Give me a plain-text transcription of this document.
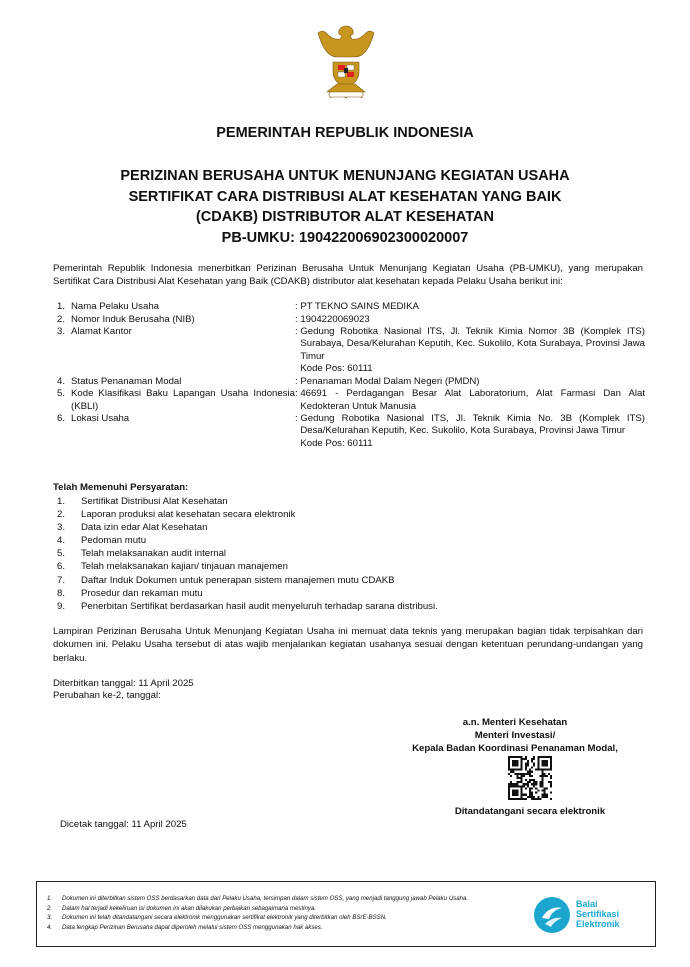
PEMERINTAH REPUBLIK INDONESIA
PERIZINAN BERUSAHA UNTUK MENUNJANG KEGIATAN USAHA
SERTIFIKAT CARA DISTRIBUSI ALAT KESEHATAN YANG BAIK
(CDAKB) DISTRIBUTOR ALAT KESEHATAN
PB-UMKU: 190422006902300020007
Pemerintah Republik Indonesia menerbitkan Perizinan Berusaha Untuk Menunjang Kegiatan Usaha (PB-UMKU), yang merupakan Sertifikat Cara Distribusi Alat Kesehatan yang Baik (CDAKB) distributor alat kesehatan kepada Pelaku Usaha berikut ini:
1. Nama Pelaku Usaha	: PT TEKNO SAINS MEDIKA
2. Nomor Induk Berusaha (NIB)	: 1904220069023
3. Alamat Kantor	: Gedung Robotika Nasional ITS, Jl. Teknik Kimia Nomor 3B (Komplek ITS) Surabaya, Desa/Kelurahan Keputih, Kec. Sukolilo, Kota Surabaya, Provinsi Jawa Timur
Kode Pos: 60111
4. Status Penanaman Modal	: Penanaman Modal Dalam Negeri (PMDN)
5. Kode Klasifikasi Baku Lapangan Usaha Indonesia (KBLI)
: 46691 - Perdagangan Besar Alat Laboratorium, Alat Farmasi Dan Alat Kedokteran Untuk Manusia
6. Lokasi Usaha	: Gedung Robotika Nasional ITS, Jl. Teknik Kimia No. 3B (Komplek ITS) Desa/Kelurahan Keputih, Kec. Sukolilo, Kota Surabaya, Provinsi Jawa Timur
Kode Pos: 60111
Telah Memenuhi Persyaratan:
1.	Sertifikat Distribusi Alat Kesehatan
2.	Laporan produksi alat kesehatan secara elektronik
3.	Data izin edar Alat Kesehatan
4.	Pedoman mutu
5.	Telah melaksanakan audit internal
6.	Telah melaksanakan kajian/ tinjauan manajemen
7.	Daftar Induk Dokumen untuk penerapan sistem manajemen mutu CDAKB
8.	Prosedur dan rekaman mutu
9.	Penerbitan Sertifikat berdasarkan hasil audit menyeluruh terhadap sarana distribusi.
Lampiran Perizinan Berusaha Untuk Menunjang Kegiatan Usaha ini memuat data teknis yang merupakan bagian tidak terpisahkan dari dokumen ini. Pelaku Usaha tersebut di atas wajib menjalankan kegiatan usahanya sesuai dengan ketentuan perundang-undangan yang berlaku.
Diterbitkan tanggal: 11 April 2025
Perubahan ke-2, tanggal:
a.n. Menteri Kesehatan
Menteri Investasi/
Kepala Badan Koordinasi Penanaman Modal,
Ditandatangani secara elektronik
Dicetak tanggal: 11 April 2025
1.	Dokumen ini diterbitkan sistem OSS berdasarkan data dari Pelaku Usaha, tersimpan dalam sistem OSS, yang menjadi tanggung jawab Pelaku Usaha.
2.	Dalam hal terjadi kekeliruan isi dokumen ini akan dilakukan perbaikan sebagaimana mestinya.
3.	Dokumen ini telah ditandatangani secara elektronik menggunakan sertifikat elektronik yang diterbitkan oleh BSrE-BSSN.
4.	Data lengkap Perizinan Berusaha dapat diperoleh melalui sistem OSS menggunakan hak akses.
Balai
Sertifikasi
Elektronik
